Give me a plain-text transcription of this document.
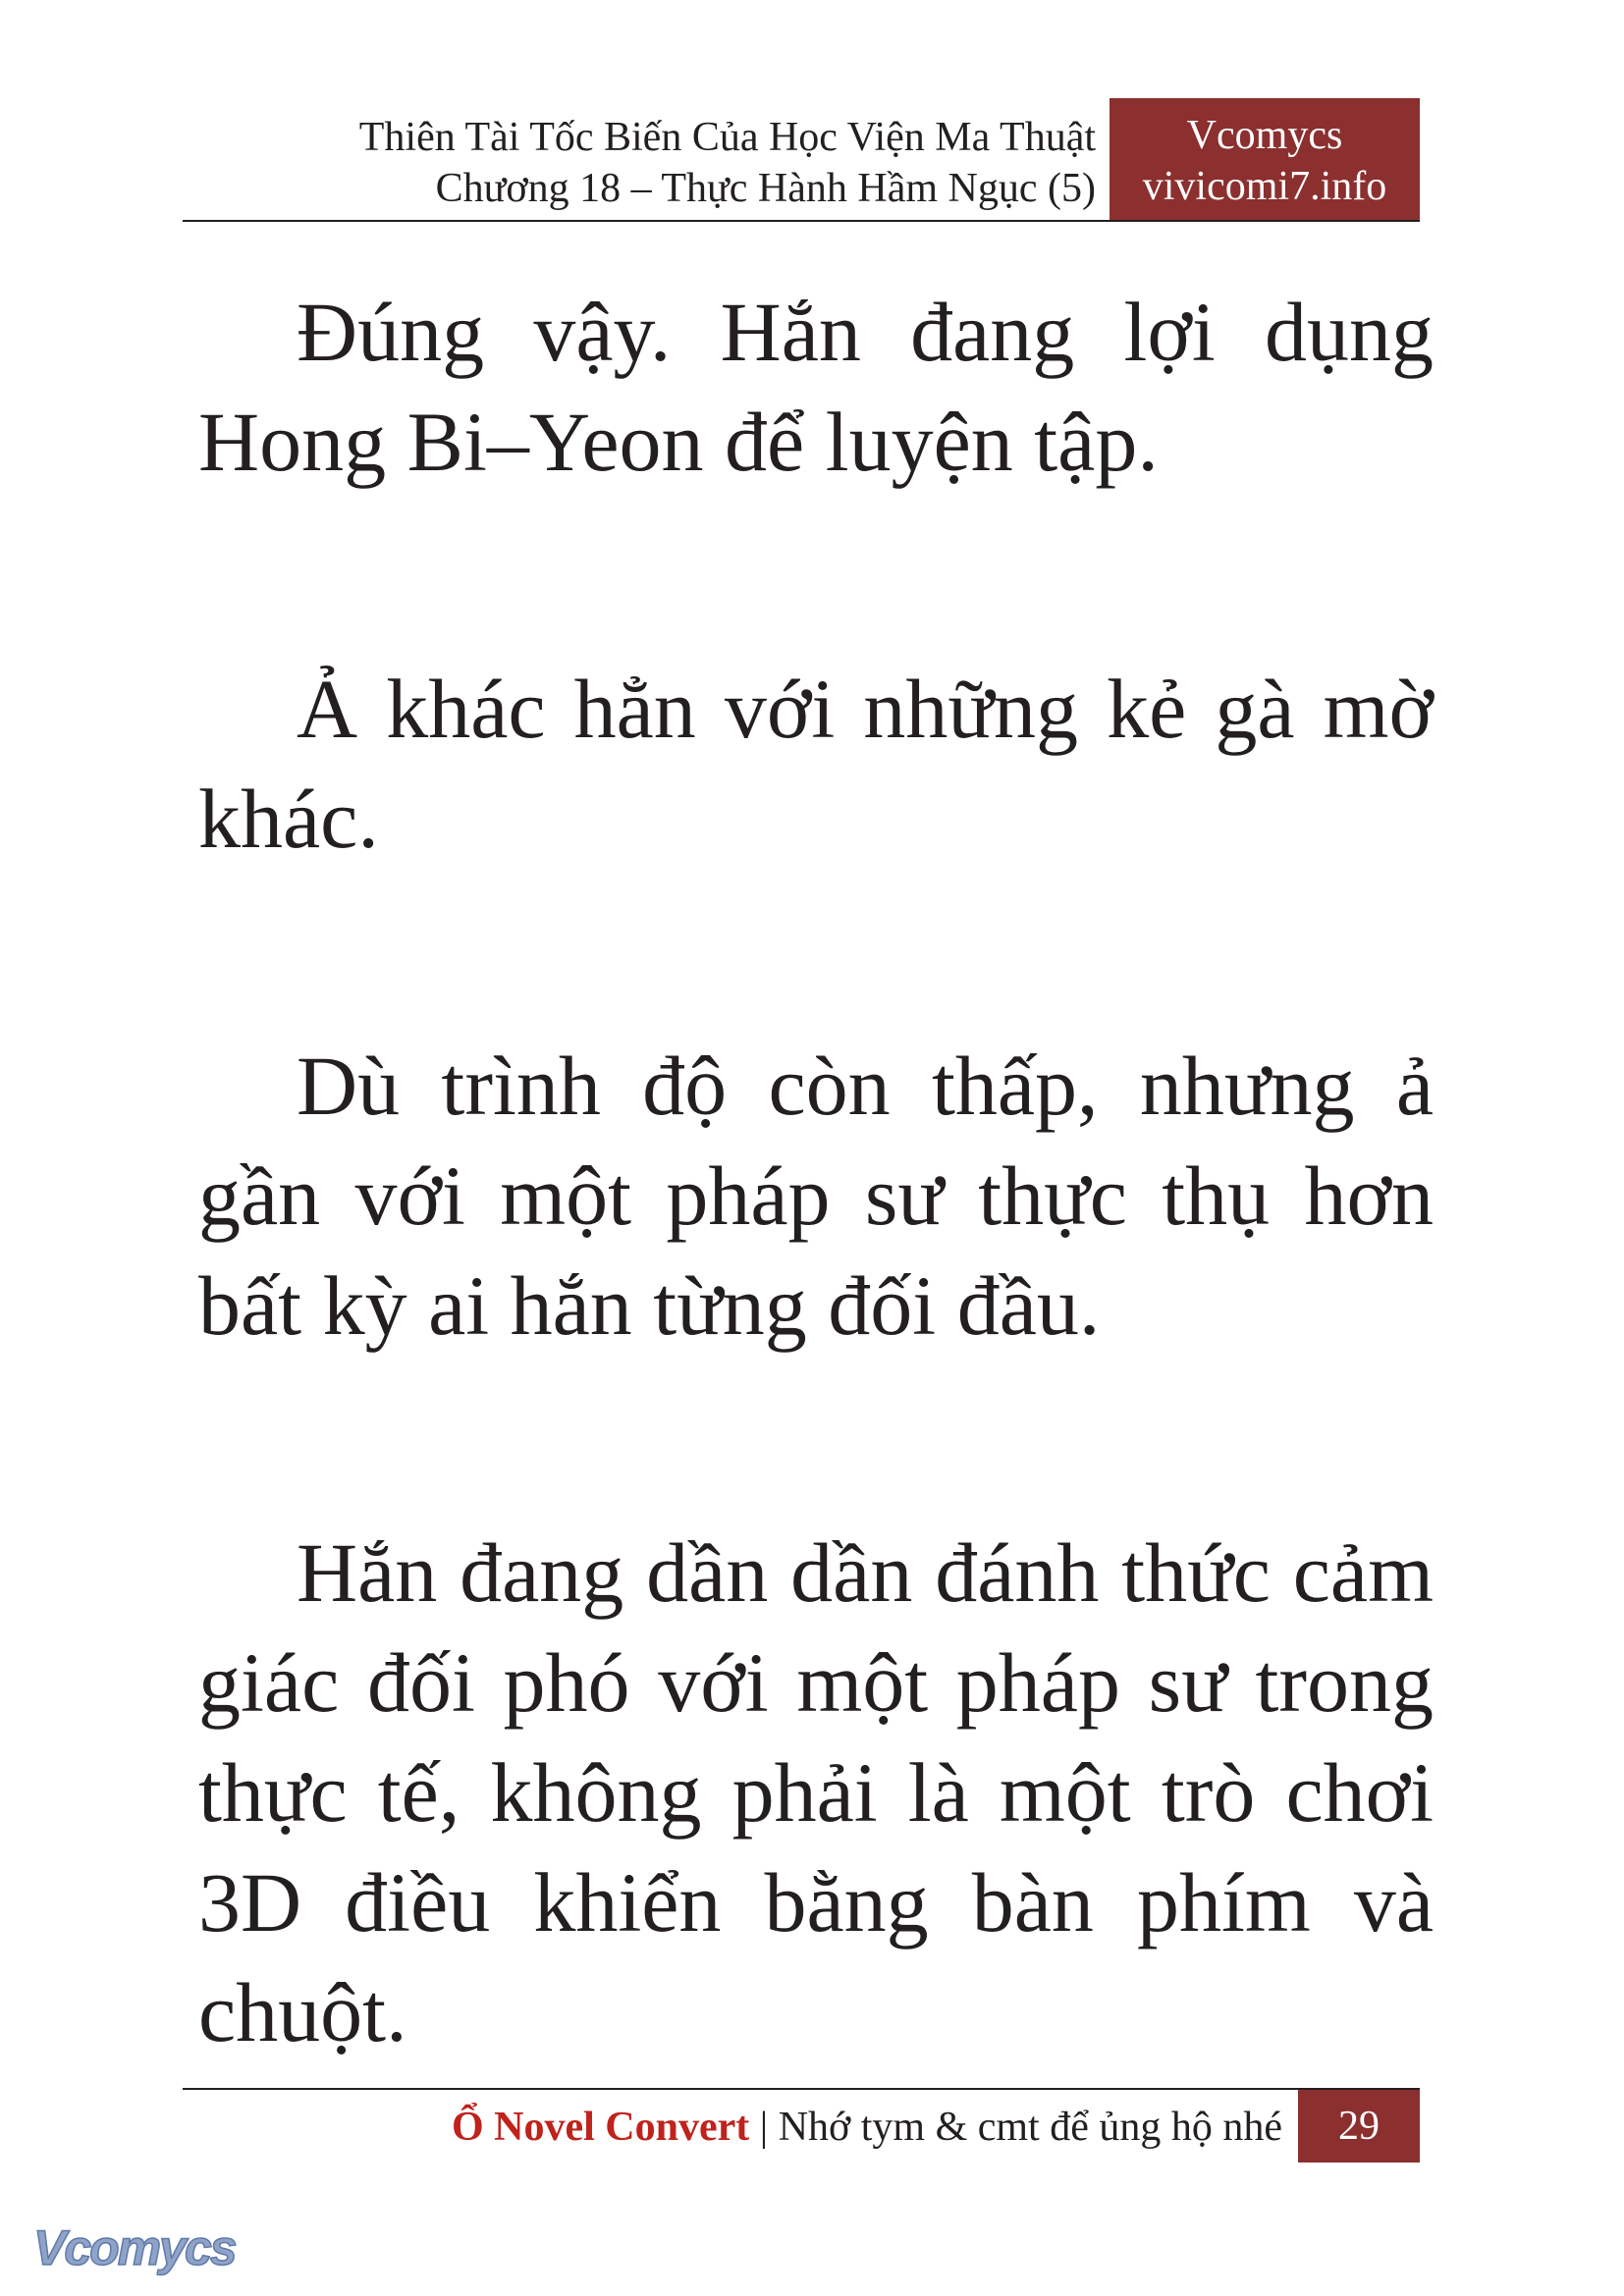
Thiên Tài Tốc Biến Của Học Viện Ma Thuật
Chương 18 – Thực Hành Hầm Ngục (5)
Vcomycs
vivicomi7.info

Đúng vậy. Hắn đang lợi dụng Hong Bi–Yeon để luyện tập.

Ả khác hẳn với những kẻ gà mờ khác.

Dù trình độ còn thấp, nhưng ả gần với một pháp sư thực thụ hơn bất kỳ ai hắn từng đối đầu.

Hắn đang dần dần đánh thức cảm giác đối phó với một pháp sư trong thực tế, không phải là một trò chơi 3D điều khiển bằng bàn phím và chuột.

Ổ Novel Convert | Nhớ tym & cmt để ủng hộ nhé	29
Vcomycs
